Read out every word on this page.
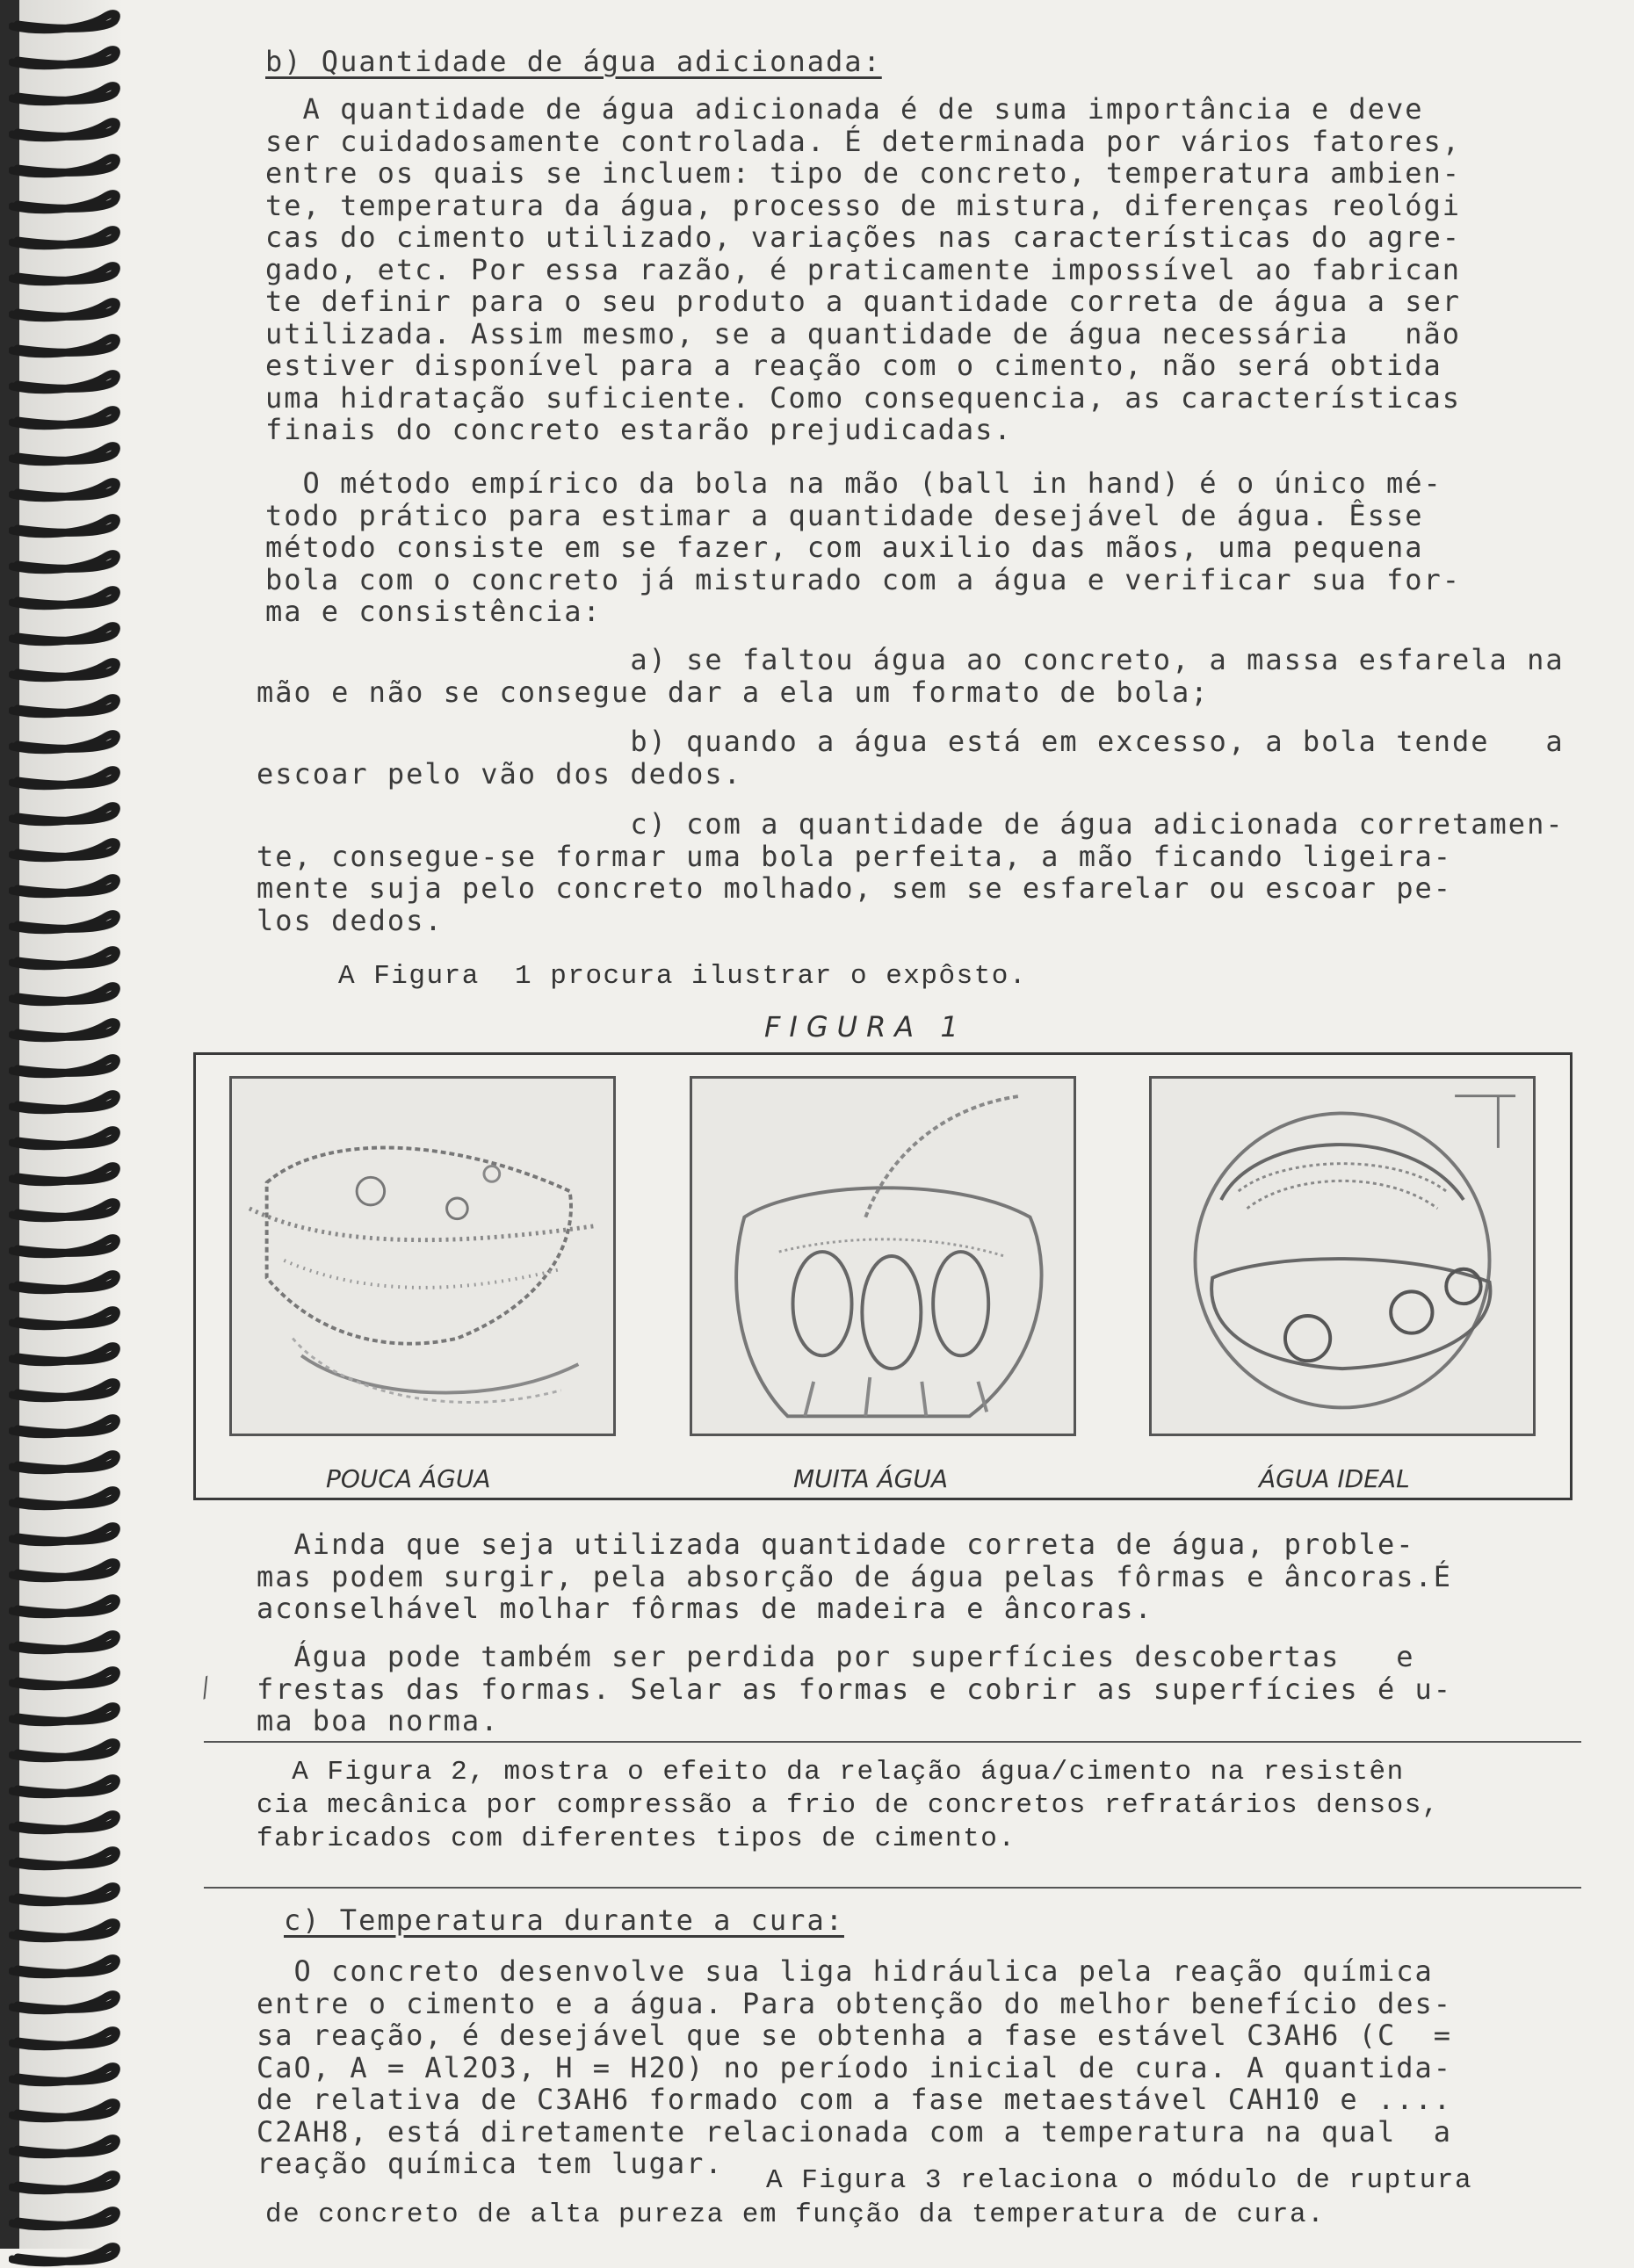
b) Quantidade de água adicionada:
A quantidade de água adicionada é de suma importância e deve
ser cuidadosamente controlada. É determinada por vários fatores,
entre os quais se incluem: tipo de concreto, temperatura ambien-
te, temperatura da água, processo de mistura, diferenças reológi
cas do cimento utilizado, variações nas características do agre-
gado, etc. Por essa razão, é praticamente impossível ao fabrican
te definir para o seu produto a quantidade correta de água a ser
utilizada. Assim mesmo, se a quantidade de água necessária   não
estiver disponível para a reação com o cimento, não será obtida
uma hidratação suficiente. Como consequencia, as características
finais do concreto estarão prejudicadas.
O método empírico da bola na mão (ball in hand) é o único mé-
todo prático para estimar a quantidade desejável de água. Êsse
método consiste em se fazer, com auxilio das mãos, uma pequena
bola com o concreto já misturado com a água e verificar sua for-
ma e consistência:
a) se faltou água ao concreto, a massa esfarela na
mão e não se consegue dar a ela um formato de bola;
b) quando a água está em excesso, a bola tende   a
escoar pelo vão dos dedos.
c) com a quantidade de água adicionada corretamen-
te, consegue-se formar uma bola perfeita, a mão ficando ligeira-
mente suja pelo concreto molhado, sem se esfarelar ou escoar pe-
los dedos.
A Figura  1 procura ilustrar o expôsto.
FIGURA 1
POUCA ÁGUA	MUITA ÁGUA	ÁGUA IDEAL
Ainda que seja utilizada quantidade correta de água, proble-
mas podem surgir, pela absorção de água pelas fôrmas e âncoras.É
aconselhável molhar fôrmas de madeira e âncoras.
Água pode também ser perdida por superfícies descobertas   e
frestas das formas. Selar as formas e cobrir as superfícies é u-
ma boa norma.
⁄
A Figura 2, mostra o efeito da relação água/cimento na resistên
cia mecânica por compressão a frio de concretos refratários densos,
fabricados com diferentes tipos de cimento.
c) Temperatura durante a cura:
O concreto desenvolve sua liga hidráulica pela reação química
entre o cimento e a água. Para obtenção do melhor benefício des-
sa reação, é desejável que se obtenha a fase estável C3AH6 (C  =
CaO, A = Al2O3, H = H2O) no período inicial de cura. A quantida-
de relativa de C3AH6 formado com a fase metaestável CAH10 e ....
C2AH8, está diretamente relacionada com a temperatura na qual  a
reação química tem lugar.
A Figura 3 relaciona o módulo de ruptura
de concreto de alta pureza em função da temperatura de cura.
